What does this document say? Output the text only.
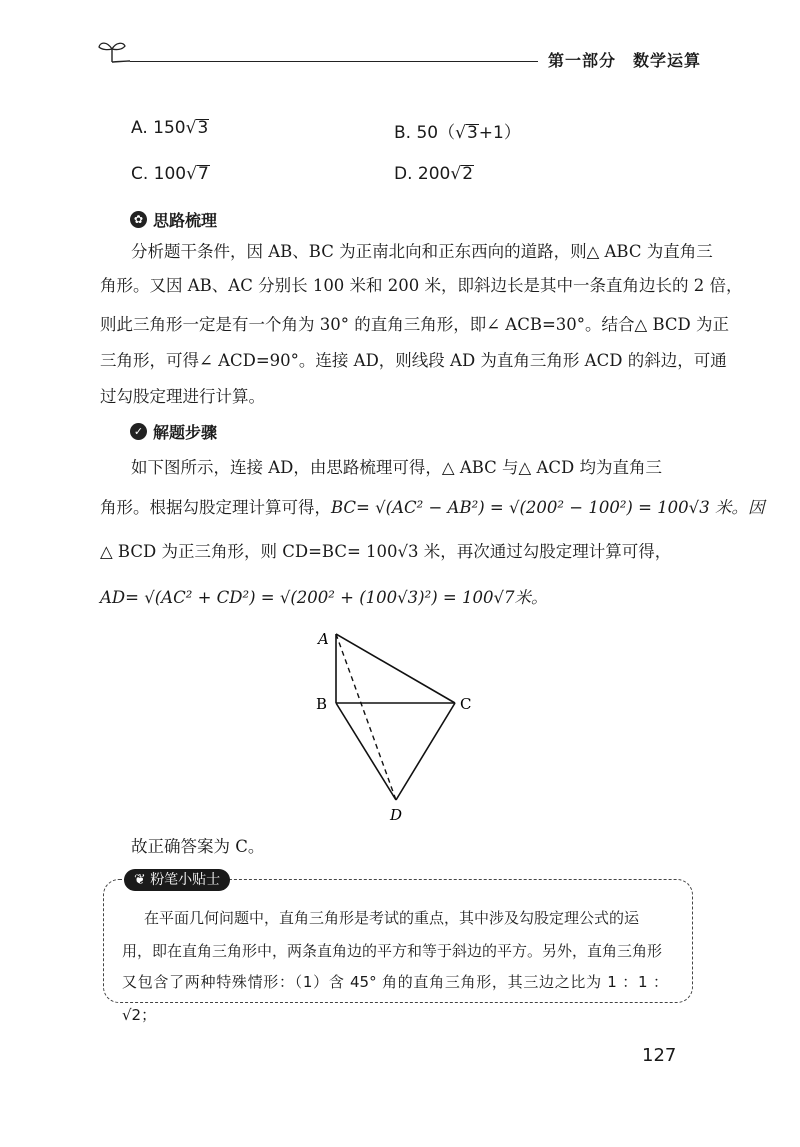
第一部分　数学运算
A. 150√3	B. 50（√3+1）
C. 100√7	D. 200√2
✿ 思路梳理
分析题干条件，因 AB、BC 为正南北向和正东西向的道路，则△ ABC 为直角三
角形。又因 AB、AC 分别长 100 米和 200 米，即斜边长是其中一条直角边长的 2 倍，
则此三角形一定是有一个角为 30° 的直角三角形，即∠ ACB=30°。结合△ BCD 为正
三角形，可得∠ ACD=90°。连接 AD，则线段 AD 为直角三角形 ACD 的斜边，可通
过勾股定理进行计算。
✓ 解题步骤
如下图所示，连接 AD，由思路梳理可得，△ ABC 与△ ACD 均为直角三
角形。根据勾股定理计算可得，BC= √(AC² − AB²) = √(200² − 100²) = 100√3 米。因
△ BCD 为正三角形，则 CD=BC= 100√3 米，再次通过勾股定理计算可得，
AD= √(AC² + CD²) = √(200² + (100√3)²) = 100√7米。
A
B	C
D
故正确答案为 C。
❦ 粉笔小贴士
在平面几何问题中，直角三角形是考试的重点，其中涉及勾股定理公式的运
用，即在直角三角形中，两条直角边的平方和等于斜边的平方。另外，直角三角形
又包含了两种特殊情形：（1）含 45° 角的直角三角形，其三边之比为 1 ：1 ：√2；
127
